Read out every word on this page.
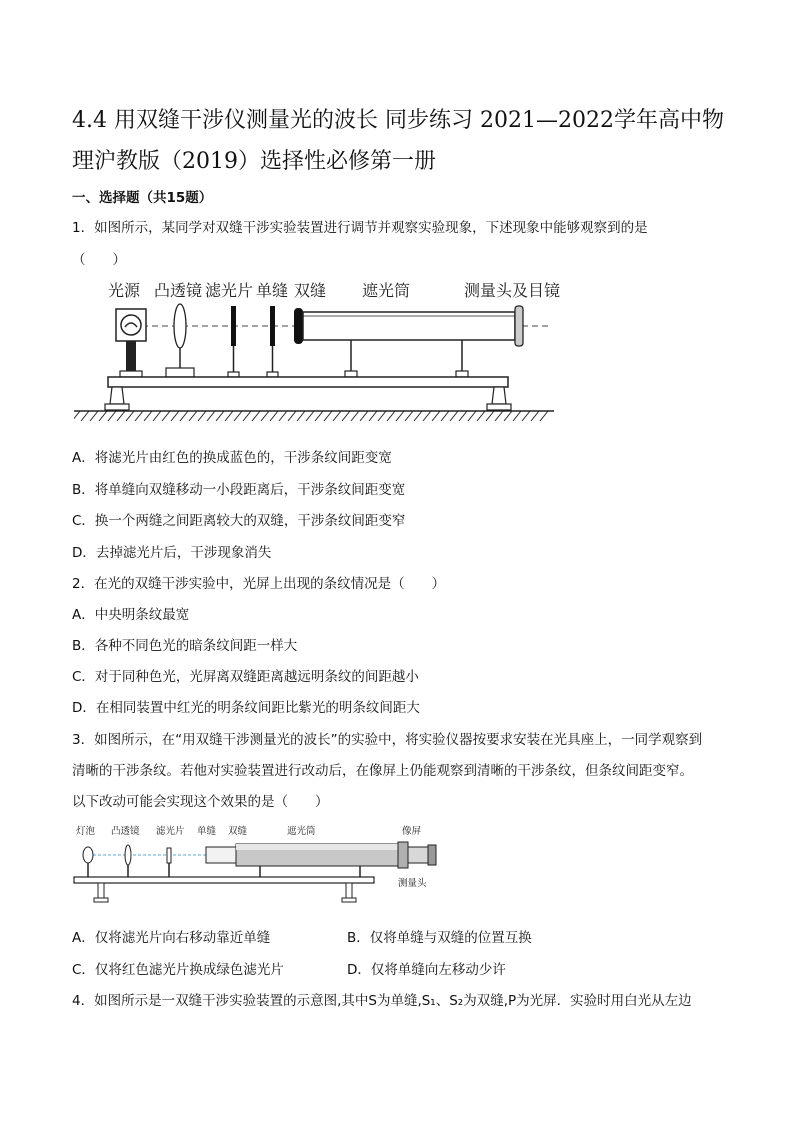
4.4 用双缝干涉仪测量光的波长 同步练习 2021—2022学年高中物理沪教版（2019）选择性必修第一册
一、选择题（共15题）
1．如图所示，某同学对双缝干涉实验装置进行调节并观察实验现象，下述现象中能够观察到的是
（　　）
光源 凸透镜 滤光片 单缝 双缝 遮光筒	测量头及目镜
A．将滤光片由红色的换成蓝色的，干涉条纹间距变宽
B．将单缝向双缝移动一小段距离后，干涉条纹间距变宽
C．换一个两缝之间距离较大的双缝，干涉条纹间距变窄
D．去掉滤光片后，干涉现象消失
2．在光的双缝干涉实验中，光屏上出现的条纹情况是（　　）
A．中央明条纹最宽
B．各种不同色光的暗条纹间距一样大
C．对于同种色光，光屏离双缝距离越远明条纹的间距越小
D．在相同装置中红光的明条纹间距比紫光的明条纹间距大
3．如图所示，在“用双缝干涉测量光的波长”的实验中，将实验仪器按要求安装在光具座上，一同学观察到
清晰的干涉条纹。若他对实验装置进行改动后，在像屏上仍能观察到清晰的干涉条纹，但条纹间距变窄。
以下改动可能会实现这个效果的是（　　）
灯泡 凸透镜 滤光片 单缝 双缝	遮光筒	像屏
测量头
A．仅将滤光片向右移动靠近单缝	B．仅将单缝与双缝的位置互换
C．仅将红色滤光片换成绿色滤光片	D．仅将单缝向左移动少许
4．如图所示是一双缝干涉实验装置的示意图,其中S为单缝,S₁、S₂为双缝,P为光屏．实验时用白光从左边
